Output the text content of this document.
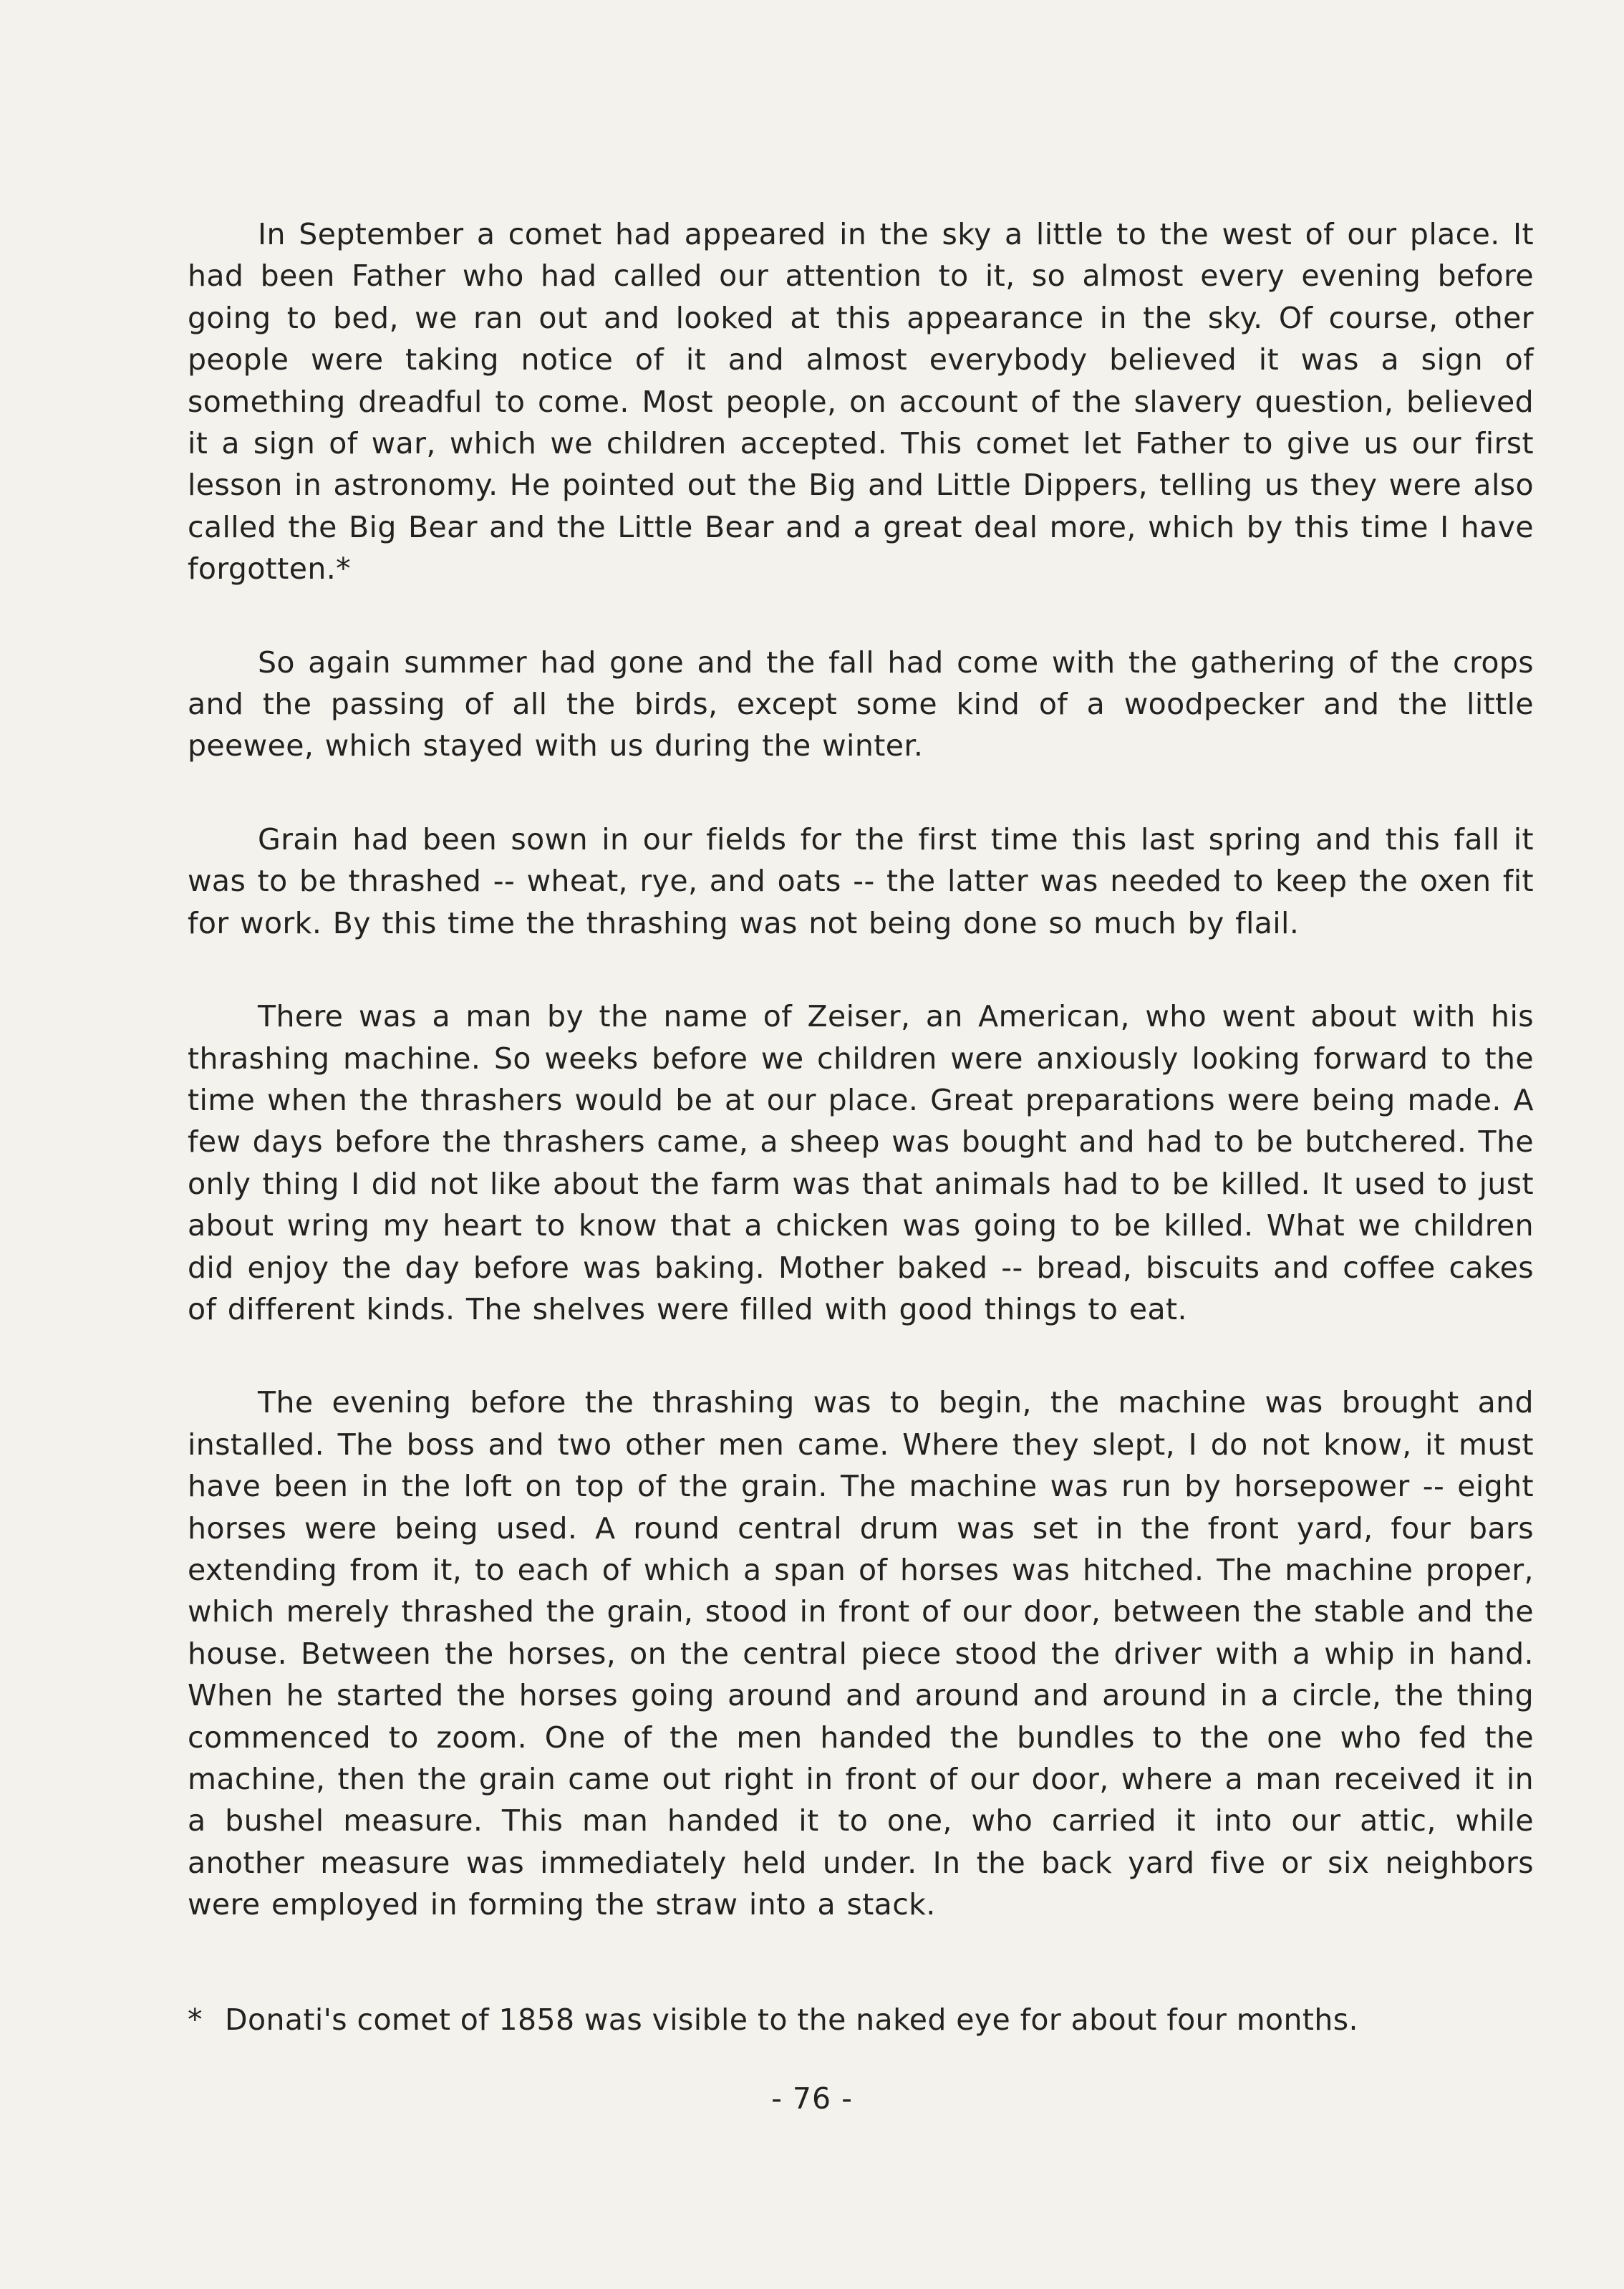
In September a comet had appeared in the sky a little to the west of our place. It had been Father who had called our attention to it, so almost every evening before going to bed, we ran out and looked at this appearance in the sky. Of course, other people were taking notice of it and almost everybody believed it was a sign of something dreadful to come. Most people, on account of the slavery question, believed it a sign of war, which we children accepted. This comet let Father to give us our first lesson in astronomy. He pointed out the Big and Little Dippers, telling us they were also called the Big Bear and the Little Bear and a great deal more, which by this time I have forgotten.*

So again summer had gone and the fall had come with the gathering of the crops and the passing of all the birds, except some kind of a woodpecker and the little peewee, which stayed with us during the winter.

Grain had been sown in our fields for the first time this last spring and this fall it was to be thrashed -- wheat, rye, and oats -- the latter was needed to keep the oxen fit for work. By this time the thrashing was not being done so much by flail.

There was a man by the name of Zeiser, an American, who went about with his thrashing machine. So weeks before we children were anxiously looking forward to the time when the thrashers would be at our place. Great preparations were being made. A few days before the thrashers came, a sheep was bought and had to be butchered. The only thing I did not like about the farm was that animals had to be killed. It used to just about wring my heart to know that a chicken was going to be killed. What we children did enjoy the day before was baking. Mother baked -- bread, biscuits and coffee cakes of different kinds. The shelves were filled with good things to eat.

The evening before the thrashing was to begin, the machine was brought and installed. The boss and two other men came. Where they slept, I do not know, it must have been in the loft on top of the grain. The machine was run by horsepower -- eight horses were being used. A round central drum was set in the front yard, four bars extending from it, to each of which a span of horses was hitched. The machine proper, which merely thrashed the grain, stood in front of our door, between the stable and the house. Between the horses, on the central piece stood the driver with a whip in hand. When he started the horses going around and around and around in a circle, the thing commenced to zoom. One of the men handed the bundles to the one who fed the machine, then the grain came out right in front of our door, where a man received it in a bushel measure. This man handed it to one, who carried it into our attic, while another measure was immediately held under. In the back yard five or six neighbors were employed in forming the straw into a stack.

* Donati's comet of 1858 was visible to the naked eye for about four months.

- 76 -
